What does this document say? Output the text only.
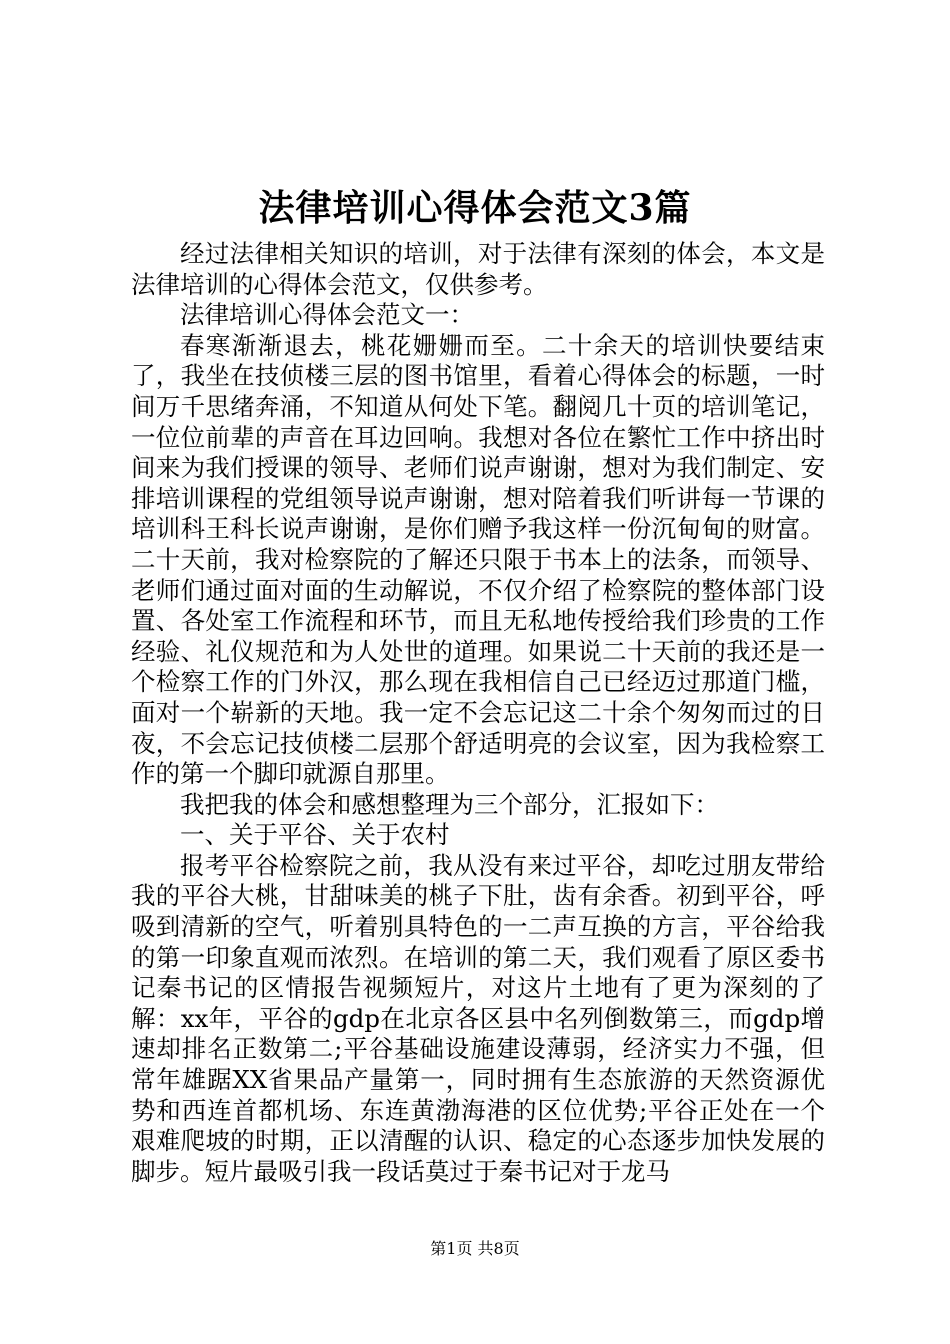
法律培训心得体会范文3篇

经过法律相关知识的培训，对于法律有深刻的体会，本文是法律培训的心得体会范文，仅供参考。

法律培训心得体会范文一：

春寒渐渐退去，桃花姗姗而至。二十余天的培训快要结束了，我坐在技侦楼三层的图书馆里，看着心得体会的标题，一时间万千思绪奔涌，不知道从何处下笔。翻阅几十页的培训笔记，一位位前辈的声音在耳边回响。我想对各位在繁忙工作中挤出时间来为我们授课的领导、老师们说声谢谢，想对为我们制定、安排培训课程的党组领导说声谢谢，想对陪着我们听讲每一节课的培训科王科长说声谢谢，是你们赠予我这样一份沉甸甸的财富。二十天前，我对检察院的了解还只限于书本上的法条，而领导、老师们通过面对面的生动解说，不仅介绍了检察院的整体部门设置、各处室工作流程和环节，而且无私地传授给我们珍贵的工作经验、礼仪规范和为人处世的道理。如果说二十天前的我还是一个检察工作的门外汉，那么现在我相信自己已经迈过那道门槛，面对一个崭新的天地。我一定不会忘记这二十余个匆匆而过的日夜，不会忘记技侦楼二层那个舒适明亮的会议室，因为我检察工作的第一个脚印就源自那里。

我把我的体会和感想整理为三个部分，汇报如下：

一、关于平谷、关于农村

报考平谷检察院之前，我从没有来过平谷，却吃过朋友带给我的平谷大桃，甘甜味美的桃子下肚，齿有余香。初到平谷，呼吸到清新的空气，听着别具特色的一二声互换的方言，平谷给我的第一印象直观而浓烈。在培训的第二天，我们观看了原区委书记秦书记的区情报告视频短片，对这片土地有了更为深刻的了解：xx年，平谷的gdp在北京各区县中名列倒数第三，而gdp增速却排名正数第二;平谷基础设施建设薄弱，经济实力不强，但常年雄踞XX省果品产量第一，同时拥有生态旅游的天然资源优势和西连首都机场、东连黄渤海港的区位优势;平谷正处在一个艰难爬坡的时期，正以清醒的认识、稳定的心态逐步加快发展的脚步。短片最吸引我一段话莫过于秦书记对于龙马

第1页 共8页
